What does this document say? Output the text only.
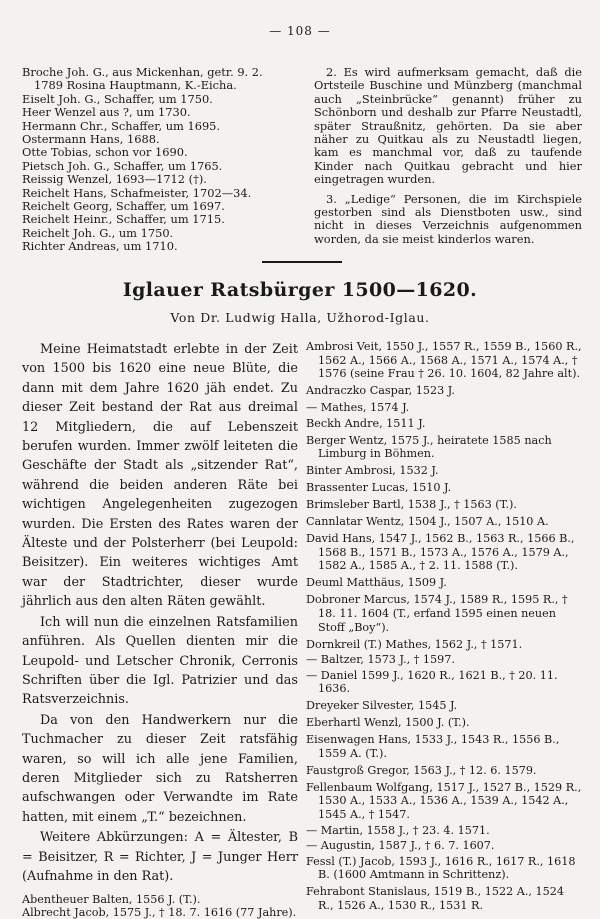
— 108 —
Broche Joh. G., aus Mickenhan, getr. 9. 2. 1789 Rosina Hauptmann, K.-Eicha.
Eiselt Joh. G., Schaffer, um 1750.
Heer Wenzel aus ?, um 1730.
Hermann Chr., Schaffer, um 1695.
Ostermann Hans, 1688.
Otte Tobias, schon vor 1690.
Pietsch Joh. G., Schaffer, um 1765.
Reissig Wenzel, 1693—1712 (†).
Reichelt Hans, Schafmeister, 1702—34.
Reichelt Georg, Schaffer, um 1697.
Reichelt Heinr., Schaffer, um 1715.
Reichelt Joh. G., um 1750.
Richter Andreas, um 1710.

2. Es wird aufmerksam gemacht, daß die Ortsteile Buschine und Münzberg (manchmal auch „Steinbrücke“ genannt) früher zu Schönborn und deshalb zur Pfarre Neustadtl, später Straußnitz, gehörten. Da sie aber näher zu Quitkau als zu Neustadtl liegen, kam es manchmal vor, daß zu taufende Kinder nach Quitkau gebracht und hier eingetragen wurden.

3. „Ledige“ Personen, die im Kirchspiele gestorben sind als Dienstboten usw., sind nicht in dieses Verzeichnis aufgenommen worden, da sie meist kinderlos waren.

Iglauer Ratsbürger 1500—1620.
Von Dr. Ludwig Halla, Užhorod-Iglau.

Meine Heimatstadt erlebte in der Zeit von 1500 bis 1620 eine neue Blüte, die dann mit dem Jahre 1620 jäh endet. Zu dieser Zeit bestand der Rat aus dreimal 12 Mitgliedern, die auf Lebenszeit berufen wurden. Immer zwölf leiteten die Geschäfte der Stadt als „sitzender Rat“, während die beiden anderen Räte bei wichtigen Angelegenheiten zugezogen wurden. Die Ersten des Rates waren der Älteste und der Polsterherr (bei Leupold: Beisitzer). Ein weiteres wichtiges Amt war der Stadtrichter, dieser wurde jährlich aus den alten Räten gewählt.

Ich will nun die einzelnen Ratsfamilien anführen. Als Quellen dienten mir die Leupold- und Letscher Chronik, Cerronis Schriften über die Igl. Patrizier und das Ratsverzeichnis.

Da von den Handwerkern nur die Tuchmacher zu dieser Zeit ratsfähig waren, so will ich alle jene Familien, deren Mitglieder sich zu Ratsherren aufschwangen oder Verwandte im Rate hatten, mit einem „T.“ bezeichnen.

Weitere Abkürzungen: A = Ältester, B = Beisitzer, R = Richter, J = Junger Herr (Aufnahme in den Rat).

Abentheuer Balten, 1556 J. (T.).
Albrecht Jacob, 1575 J., † 18. 7. 1616 (77 Jahre).
Ambrosi Veit, 1550 J., 1557 R., 1559 B., 1560 R., 1562 A., 1566 A., 1568 A., 1571 A., 1574 A., † 1576 (seine Frau † 26. 10. 1604, 82 Jahre alt).
Andraczko Caspar, 1523 J.
— Mathes, 1574 J.
Beckh Andre, 1511 J.
Berger Wentz, 1575 J., heiratete 1585 nach Limburg in Böhmen.
Binter Ambrosi, 1532 J.
Brassenter Lucas, 1510 J.
Brimsleber Bartl, 1538 J., † 1563 (T.).
Cannlatar Wentz, 1504 J., 1507 A., 1510 A.
David Hans, 1547 J., 1562 B., 1563 R., 1566 B., 1568 B., 1571 B., 1573 A., 1576 A., 1579 A., 1582 A., 1585 A., † 2. 11. 1588 (T.).
Deuml Matthäus, 1509 J.
Dobroner Marcus, 1574 J., 1589 R., 1595 R., † 18. 11. 1604 (T., erfand 1595 einen neuen Stoff „Boy“).
Dornkreil (T.) Mathes, 1562 J., † 1571.
— Baltzer, 1573 J., † 1597.
— Daniel 1599 J., 1620 R., 1621 B., † 20. 11. 1636.
Dreyeker Silvester, 1545 J.
Eberhartl Wenzl, 1500 J. (T.).
Eisenwagen Hans, 1533 J., 1543 R., 1556 B., 1559 A. (T.).
Faustgroß Gregor, 1563 J., † 12. 6. 1579.
Fellenbaum Wolfgang, 1517 J., 1527 B., 1529 R., 1530 A., 1533 A., 1536 A., 1539 A., 1542 A., 1545 A., † 1547.
— Martin, 1558 J., † 23. 4. 1571.
— Augustin, 1587 J., † 6. 7. 1607.
Fessl (T.) Jacob, 1593 J., 1616 R., 1617 R., 1618 B. (1600 Amtmann in Schrittenz).
Fehrabont Stanislaus, 1519 B., 1522 A., 1524 R., 1526 A., 1530 R., 1531 R.
